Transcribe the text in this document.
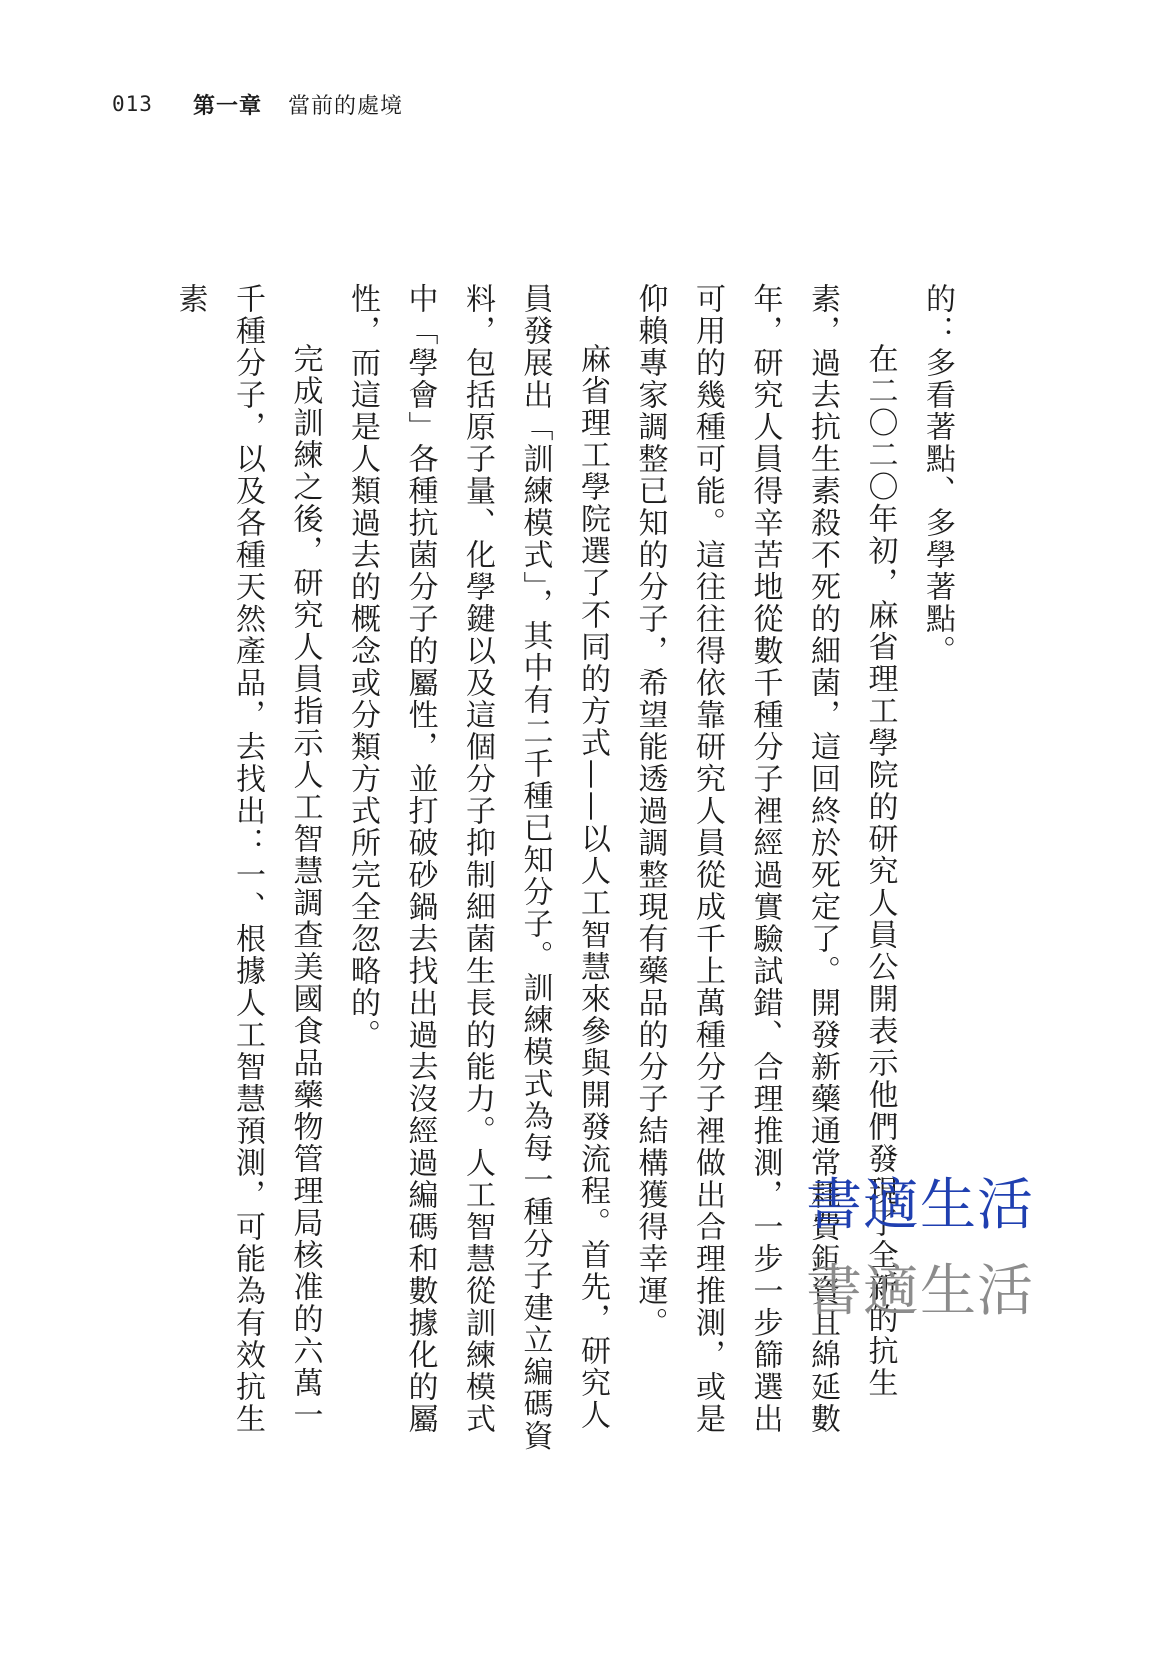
013 第一章 當前的處境

的：多看著點、多學著點。

在二〇二〇年初，麻省理工學院的研究人員公開表示他們發現了全新的抗生素，過去抗生素殺不死的細菌，這回終於死定了。開發新藥通常耗費鉅資且綿延數年，研究人員得辛苦地從數千種分子裡經過實驗試錯、合理推測，一步一步篩選出可用的幾種可能。這往往得依靠研究人員從成千上萬種分子裡做出合理推測，或是仰賴專家調整已知的分子，希望能透過調整現有藥品的分子結構獲得幸運。

麻省理工學院選了不同的方式——以人工智慧來參與開發流程。首先，研究人員發展出「訓練模式」，其中有二千種已知分子。訓練模式為每一種分子建立編碼資料，包括原子量、化學鍵以及這個分子抑制細菌生長的能力。人工智慧從訓練模式中「學會」各種抗菌分子的屬性，並打破砂鍋去找出過去沒經過編碼和數據化的屬性，而這是人類過去的概念或分類方式所完全忽略的。

完成訓練之後，研究人員指示人工智慧調查美國食品藥物管理局核准的六萬一千種分子，以及各種天然產品，去找出：一、根據人工智慧預測，可能為有效抗生素

書適生活
書適生活
